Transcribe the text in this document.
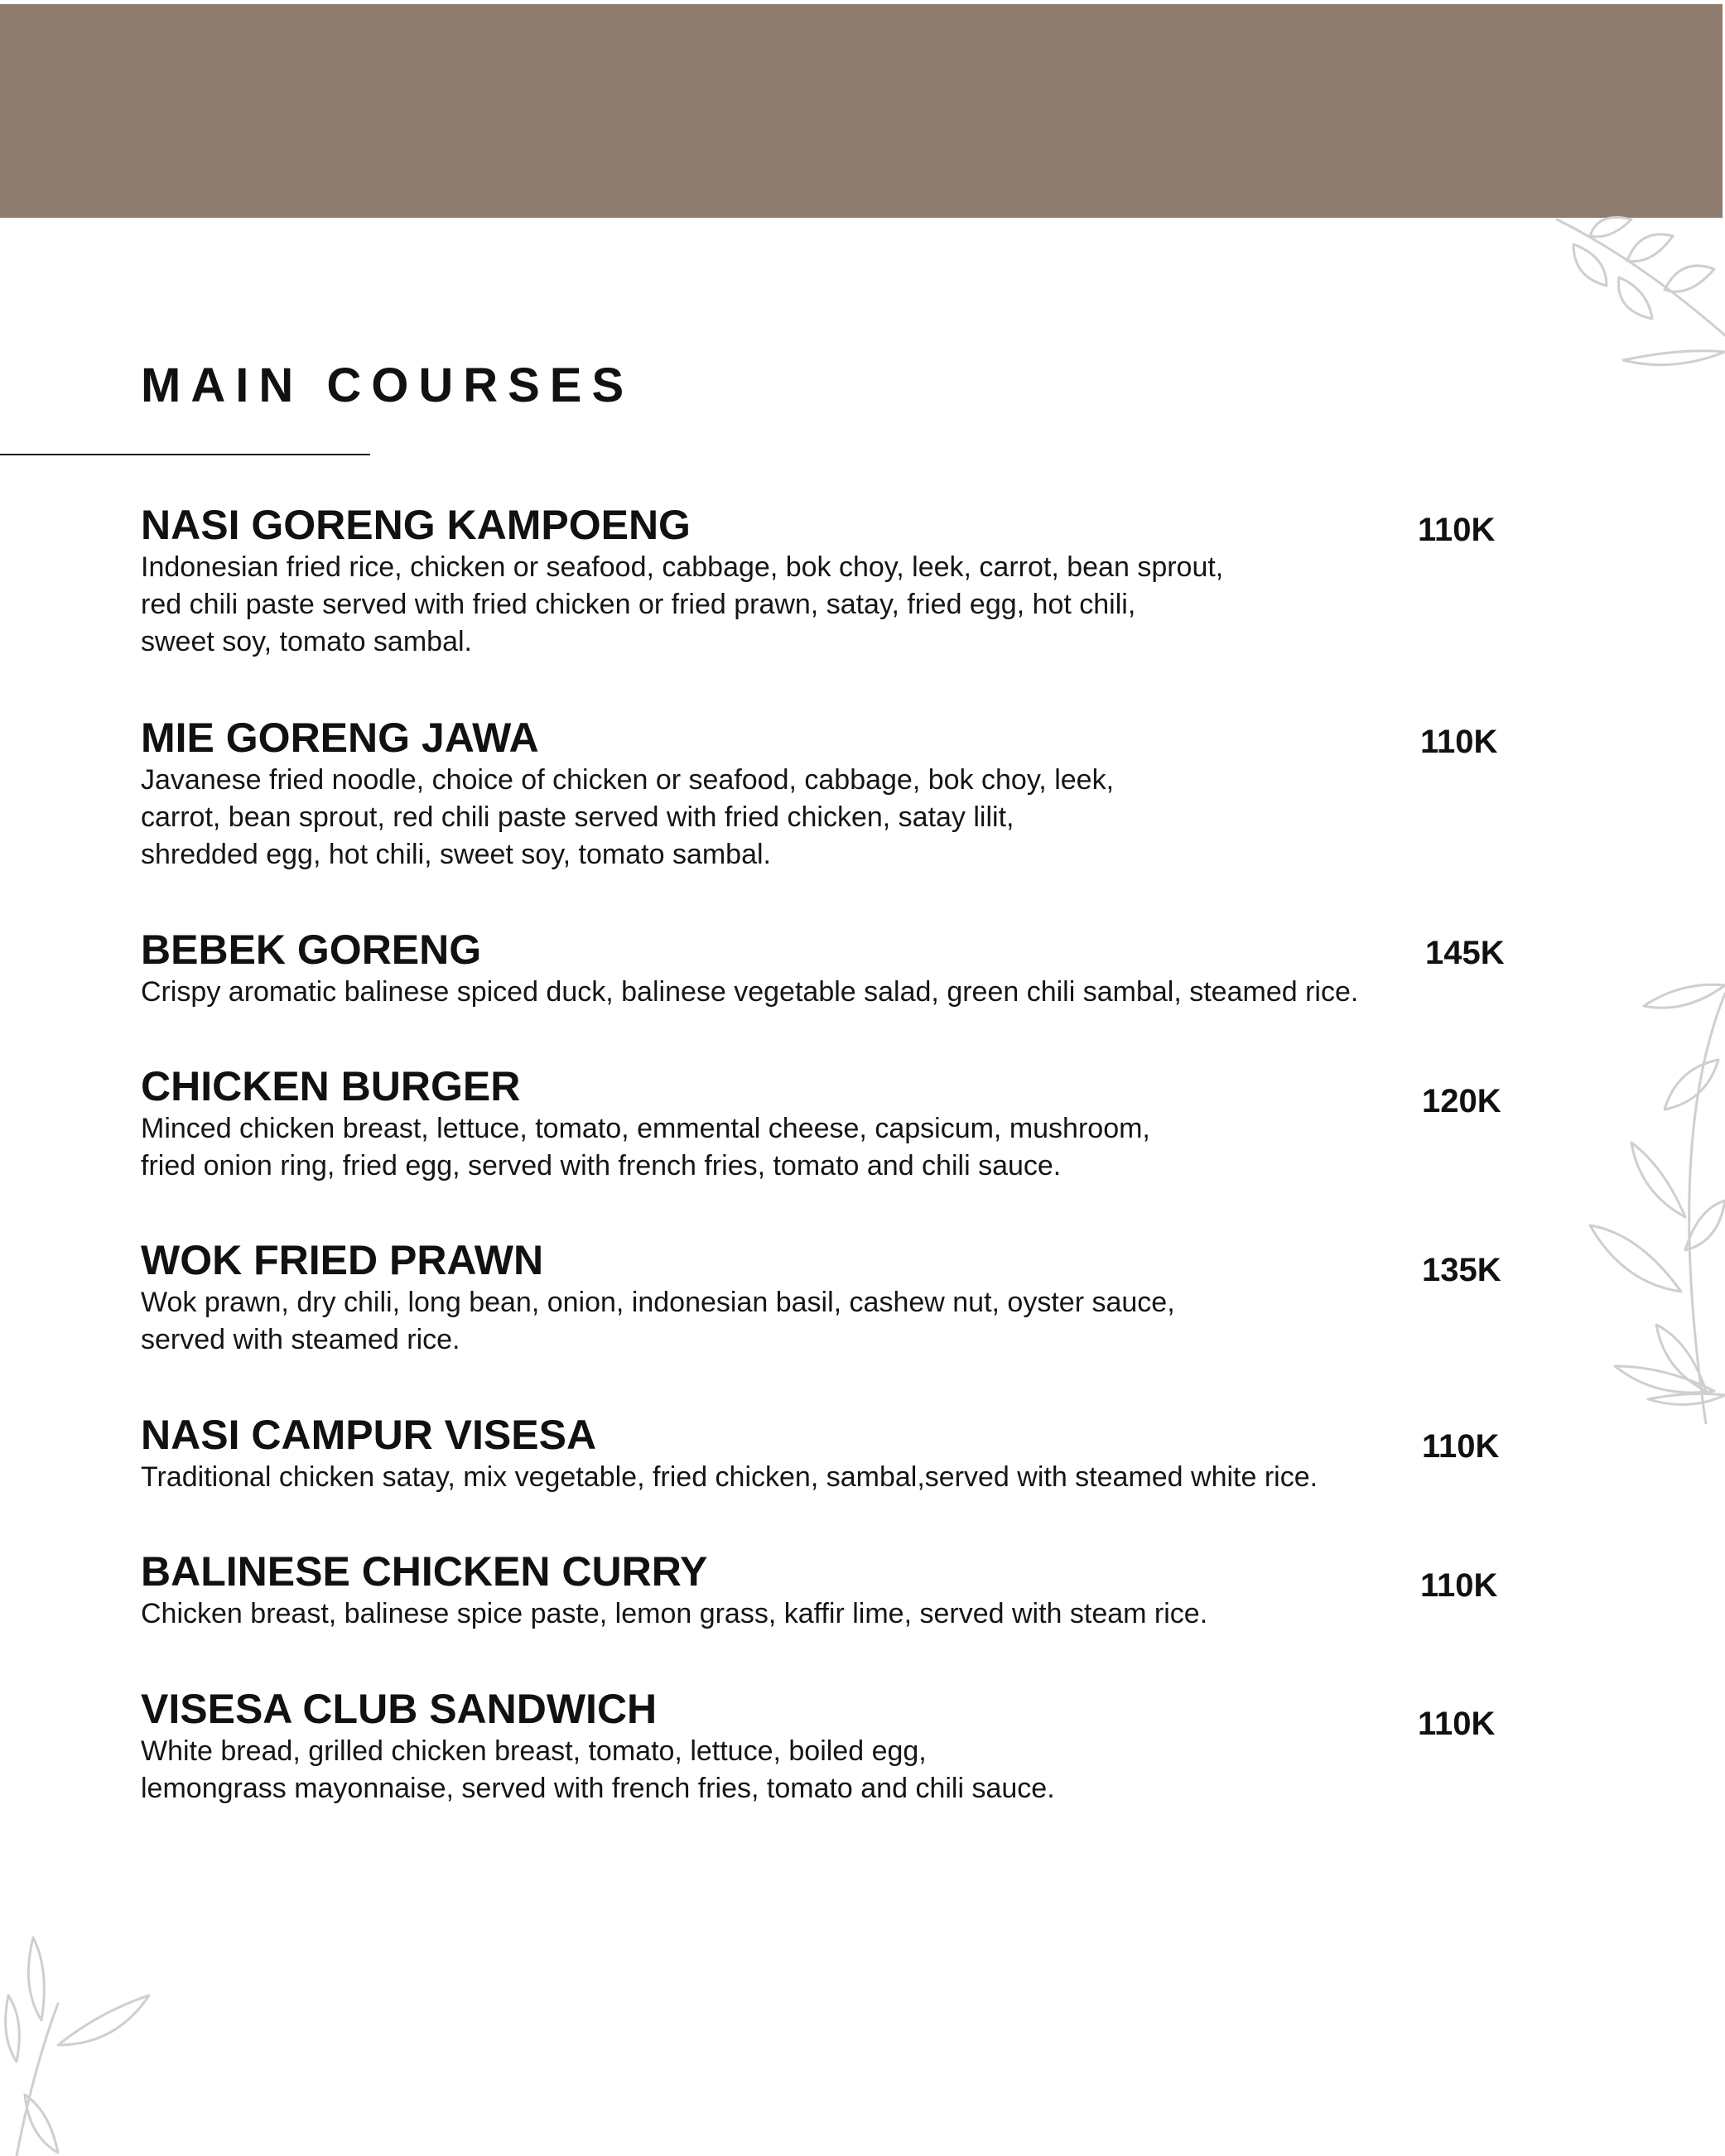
MAIN COURSES
NASI GORENG KAMPOENG

Indonesian fried rice, chicken or seafood, cabbage, bok choy, leek, carrot, bean sprout,
red chili paste served with fried chicken or fried prawn, satay, fried egg, hot chili,
sweet soy, tomato sambal.

110K
MIE GORENG JAWA

Javanese fried noodle, choice of chicken or seafood, cabbage, bok choy, leek,
carrot, bean sprout, red chili paste served with fried chicken, satay lilit,
shredded egg, hot chili, sweet soy, tomato sambal.

110K
BEBEK GORENG

Crispy aromatic balinese spiced duck, balinese vegetable salad, green chili sambal, steamed rice.

145K
CHICKEN BURGER

Minced chicken breast, lettuce, tomato, emmental cheese, capsicum, mushroom,
fried onion ring, fried egg, served with french fries, tomato and chili sauce.

120K
WOK FRIED PRAWN

Wok prawn, dry chili, long bean, onion, indonesian basil, cashew nut, oyster sauce,
served with steamed rice.

135K
NASI CAMPUR VISESA

Traditional chicken satay, mix vegetable, fried chicken, sambal,served with steamed white rice.

110K
BALINESE CHICKEN CURRY

Chicken breast, balinese spice paste, lemon grass, kaffir lime, served with steam rice.

110K
VISESA CLUB SANDWICH

White bread, grilled chicken breast, tomato, lettuce, boiled egg,
lemongrass mayonnaise, served with french fries, tomato and chili sauce.

110K
